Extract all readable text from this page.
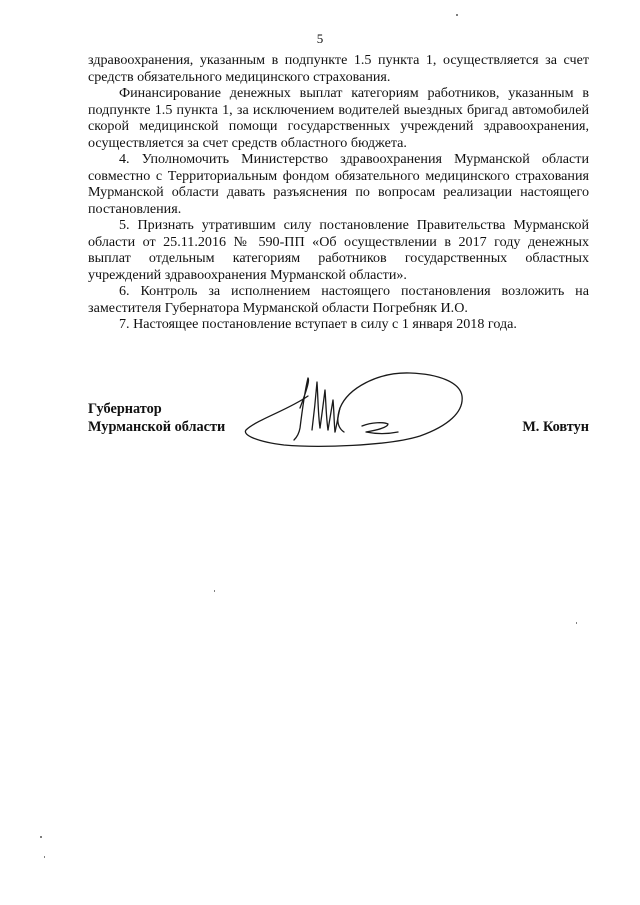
5

здравоохранения, указанным в подпункте 1.5 пункта 1, осуществляется за счет средств обязательного медицинского страхования.

Финансирование денежных выплат категориям работников, указанным в подпункте 1.5 пункта 1, за исключением водителей выездных бригад автомобилей скорой медицинской помощи государственных учреждений здравоохранения, осуществляется за счет средств областного бюджета.

4. Уполномочить Министерство здравоохранения Мурманской области совместно с Территориальным фондом обязательного медицинского страхования Мурманской области давать разъяснения по вопросам реализации настоящего постановления.

5. Признать утратившим силу постановление Правительства Мурманской области от 25.11.2016 № 590-ПП «Об осуществлении в 2017 году денежных выплат отдельным категориям работников государственных областных учреждений здравоохранения Мурманской области».

6. Контроль за исполнением настоящего постановления возложить на заместителя Губернатора Мурманской области Погребняк И.О.

7. Настоящее постановление вступает в силу с 1 января 2018 года.

Губернатор
Мурманской области	М. Ковтун
